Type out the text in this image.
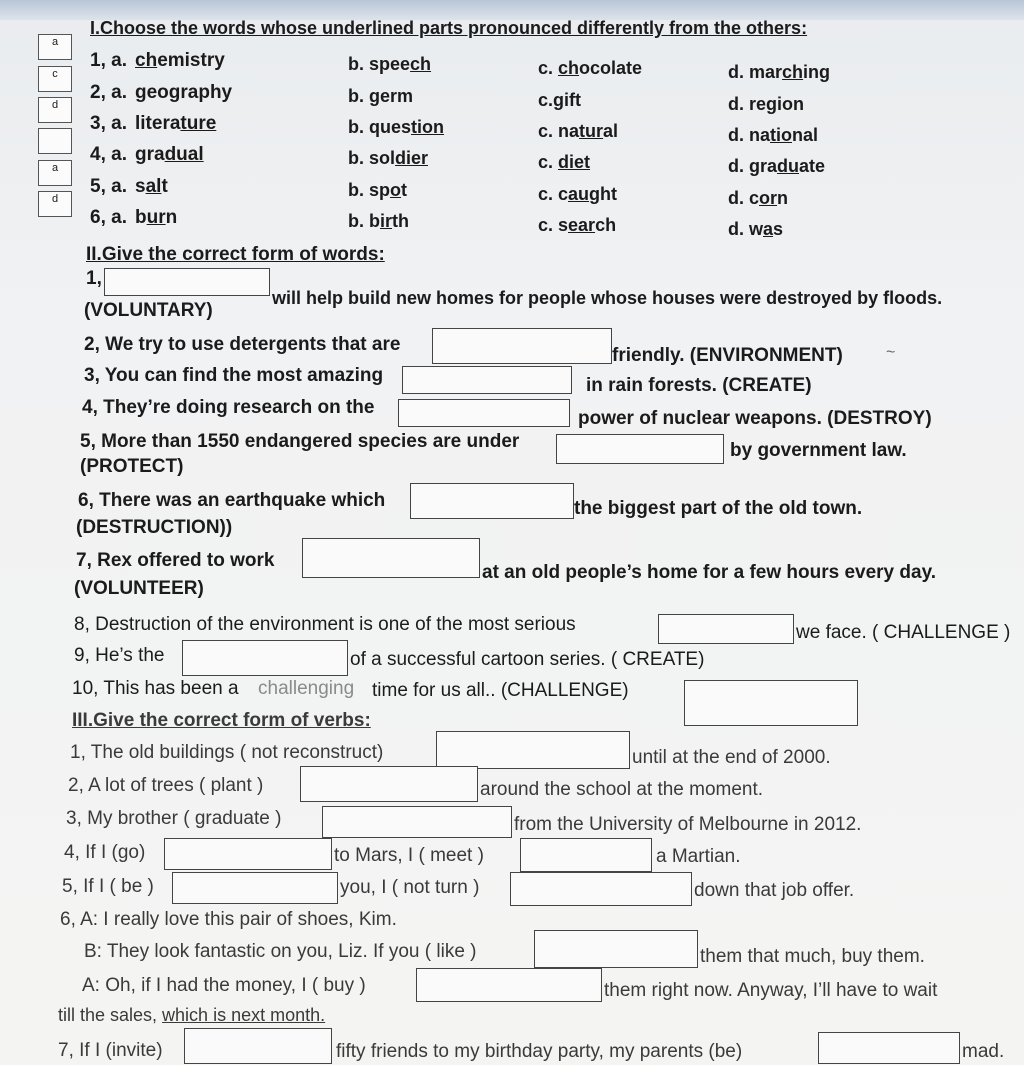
I.Choose the words whose underlined parts pronounced differently from the others:
a
1, a. chemistry	b. speech	c. chocolate	d. marching
c
2, a. geography	b. germ	c.gift	d. region
d
3, a. literature	b. question	c. natural	d. national
4, a. gradual	b. soldier	c. diet	d. graduate
a
5, a. salt	b. spot	c. caught	d. corn
d
6, a. burn	b. birth	c. search	d. was
II.Give the correct form of words:
1,
will help build new homes for people whose houses were destroyed by floods.
(VOLUNTARY)
2, We try to use detergents that are
friendly. (ENVIRONMENT)	~
3, You can find the most amazing	in rain forests. (CREATE)
4, They’re doing research on the
power of nuclear weapons. (DESTROY)
5, More than 1550 endangered species are under	by government law.
(PROTECT)
6, There was an earthquake which	the biggest part of the old town.
(DESTRUCTION))
7, Rex offered to work
at an old people’s home for a few hours every day.
(VOLUNTEER)
8, Destruction of the environment is one of the most serious	we face. ( CHALLENGE )
9, He’s the	of a successful cartoon series. ( CREATE)
10, This has been a challenging time for us all.. (CHALLENGE)
III.Give the correct form of verbs:
1, The old buildings ( not reconstruct)	until at the end of 2000.
2, A lot of trees ( plant )	around the school at the moment.
3, My brother ( graduate )	from the University of Melbourne in 2012.
4, If I (go)	to Mars, I ( meet )	a Martian.
5, If I ( be )	you, I ( not turn )	down that job offer.
6, A: I really love this pair of shoes, Kim.
B: They look fantastic on you, Liz. If you ( like )	them that much, buy them.
A: Oh, if I had the money, I ( buy )	them right now. Anyway, I’ll have to wait
till the sales, which is next month.
7, If I (invite)	fifty friends to my birthday party, my parents (be)	mad.
